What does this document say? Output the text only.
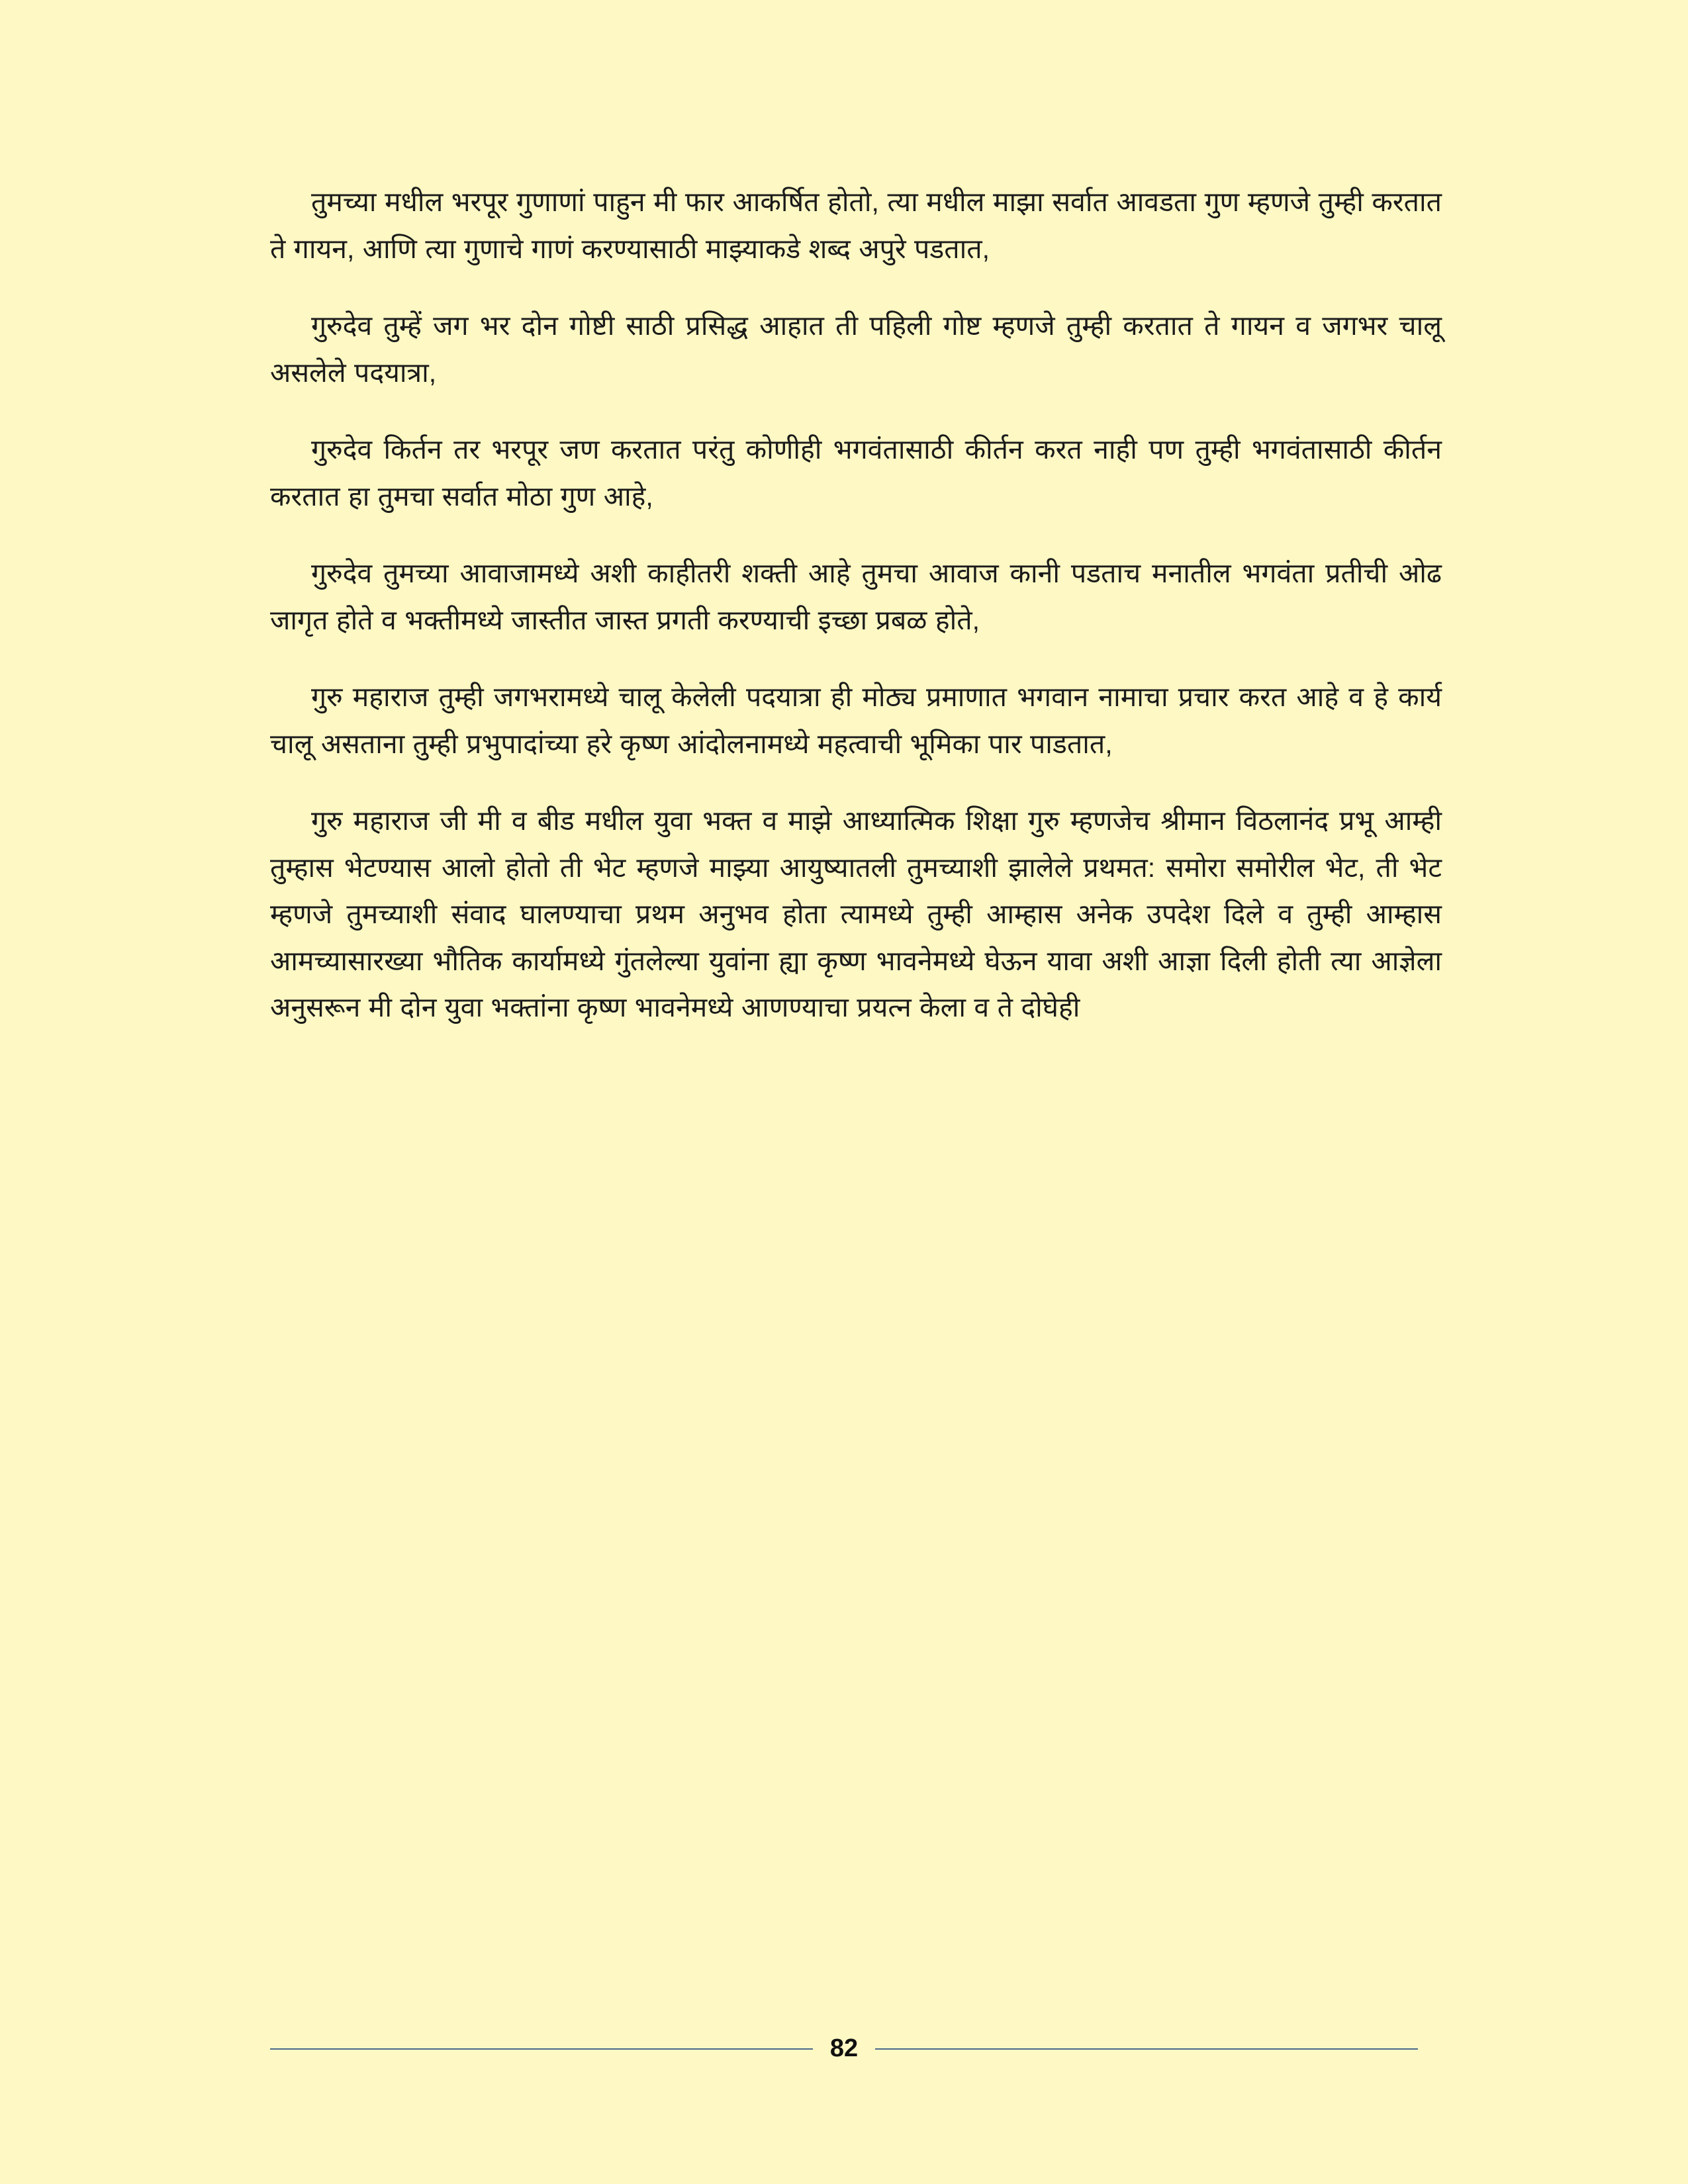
तुमच्या मधील भरपूर गुणाणां पाहुन मी फार आकर्षित होतो, त्या मधील माझा सर्वात आवडता गुण म्हणजे तुम्ही करतात ते गायन, आणि त्या गुणाचे गाणं करण्यासाठी माझ्याकडे शब्द अपुरे पडतात,

गुरुदेव तुम्हें जग भर दोन गोष्टी साठी प्रसिद्ध आहात ती पहिली गोष्ट म्हणजे तुम्ही करतात ते गायन व जगभर चालू असलेले पदयात्रा,

गुरुदेव किर्तन तर भरपूर जण करतात परंतु कोणीही भगवंतासाठी कीर्तन करत नाही पण तुम्ही भगवंतासाठी कीर्तन करतात हा तुमचा सर्वात मोठा गुण आहे,

गुरुदेव तुमच्या आवाजामध्ये अशी काहीतरी शक्ती आहे तुमचा आवाज कानी पडताच मनातील भगवंता प्रतीची ओढ जागृत होते व भक्तीमध्ये जास्तीत जास्त प्रगती करण्याची इच्छा प्रबळ होते,

गुरु महाराज तुम्ही जगभरामध्ये चालू केलेली पदयात्रा ही मोठ्य प्रमाणात भगवान नामाचा प्रचार करत आहे व हे कार्य चालू असताना तुम्ही प्रभुपादांच्या हरे कृष्ण आंदोलनामध्ये महत्वाची भूमिका पार पाडतात,

गुरु महाराज जी मी व बीड मधील युवा भक्त व माझे आध्यात्मिक शिक्षा गुरु म्हणजेच श्रीमान विठलानंद प्रभू आम्ही तुम्हास भेटण्यास आलो होतो ती भेट म्हणजे माझ्या आयुष्यातली तुमच्याशी झालेले प्रथमत: समोरा समोरील भेट, ती भेट म्हणजे तुमच्याशी संवाद घालण्याचा प्रथम अनुभव होता त्यामध्ये तुम्ही आम्हास अनेक उपदेश दिले व तुम्ही आम्हास आमच्यासारख्या भौतिक कार्यामध्ये गुंतलेल्या युवांना ह्या कृष्ण भावनेमध्ये घेऊन यावा अशी आज्ञा दिली होती त्या आज्ञेला अनुसरून मी दोन युवा भक्तांना कृष्ण भावनेमध्ये आणण्याचा प्रयत्न केला व ते दोघेही

82
